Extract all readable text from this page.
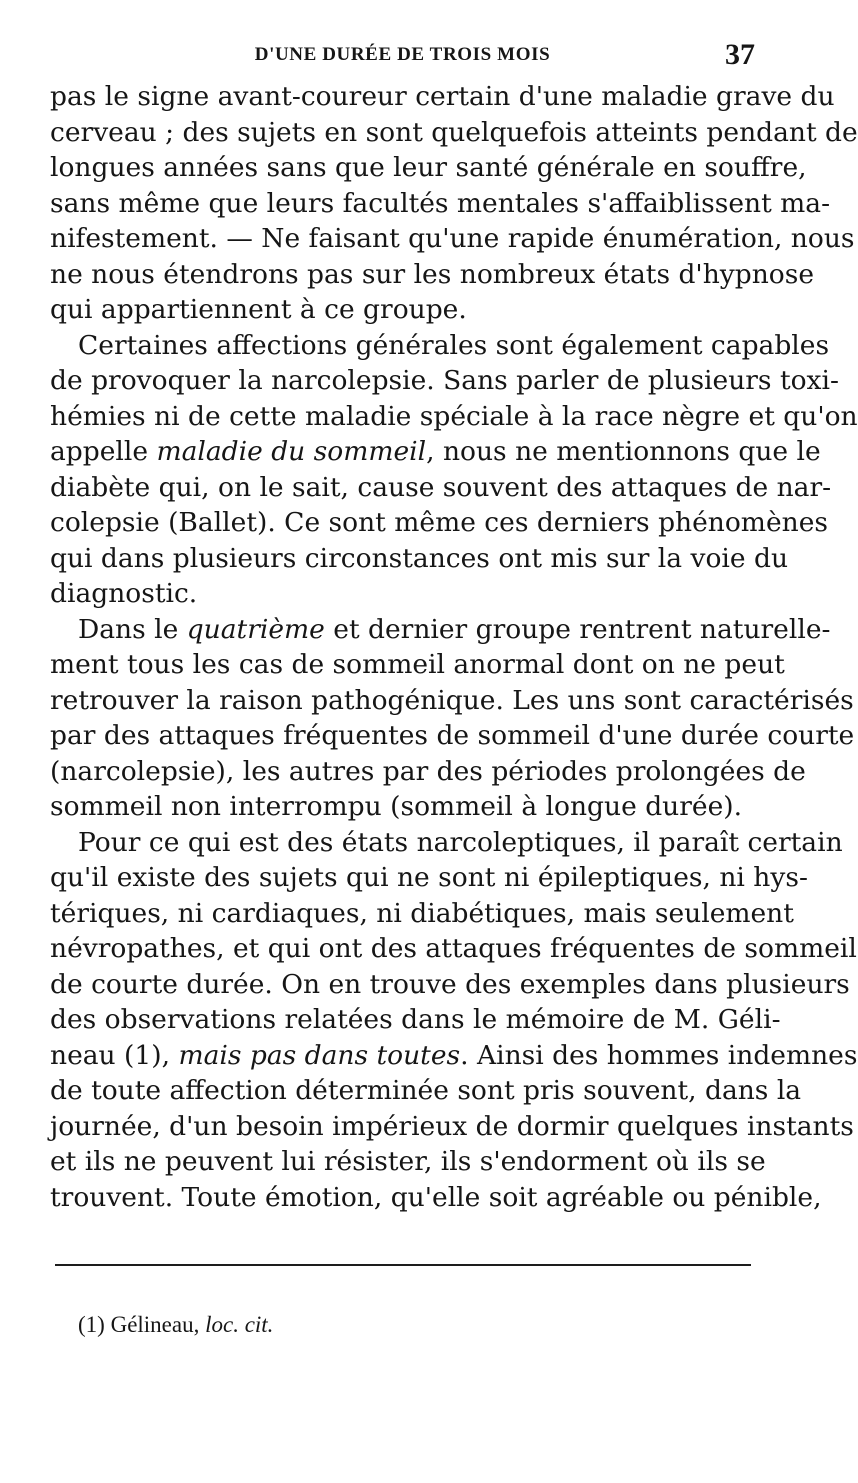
D'UNE DURÉE DE TROIS MOIS	37
pas le signe avant-coureur certain d'une maladie grave du
cerveau ; des sujets en sont quelquefois atteints pendant de
longues années sans que leur santé générale en souffre,
sans même que leurs facultés mentales s'affaiblissent ma-
nifestement. — Ne faisant qu'une rapide énumération, nous
ne nous étendrons pas sur les nombreux états d'hypnose
qui appartiennent à ce groupe.
Certaines affections générales sont également capables
de provoquer la narcolepsie. Sans parler de plusieurs toxi-
hémies ni de cette maladie spéciale à la race nègre et qu'on
appelle maladie du sommeil, nous ne mentionnons que le
diabète qui, on le sait, cause souvent des attaques de nar-
colepsie (Ballet). Ce sont même ces derniers phénomènes
qui dans plusieurs circonstances ont mis sur la voie du
diagnostic.
Dans le quatrième et dernier groupe rentrent naturelle-
ment tous les cas de sommeil anormal dont on ne peut
retrouver la raison pathogénique. Les uns sont caractérisés
par des attaques fréquentes de sommeil d'une durée courte
(narcolepsie), les autres par des périodes prolongées de
sommeil non interrompu (sommeil à longue durée).
Pour ce qui est des états narcoleptiques, il paraît certain
qu'il existe des sujets qui ne sont ni épileptiques, ni hys-
tériques, ni cardiaques, ni diabétiques, mais seulement
névropathes, et qui ont des attaques fréquentes de sommeil
de courte durée. On en trouve des exemples dans plusieurs
des observations relatées dans le mémoire de M. Géli-
neau (1), mais pas dans toutes. Ainsi des hommes indemnes
de toute affection déterminée sont pris souvent, dans la
journée, d'un besoin impérieux de dormir quelques instants
et ils ne peuvent lui résister, ils s'endorment où ils se
trouvent. Toute émotion, qu'elle soit agréable ou pénible,
(1) Gélineau, loc. cit.
